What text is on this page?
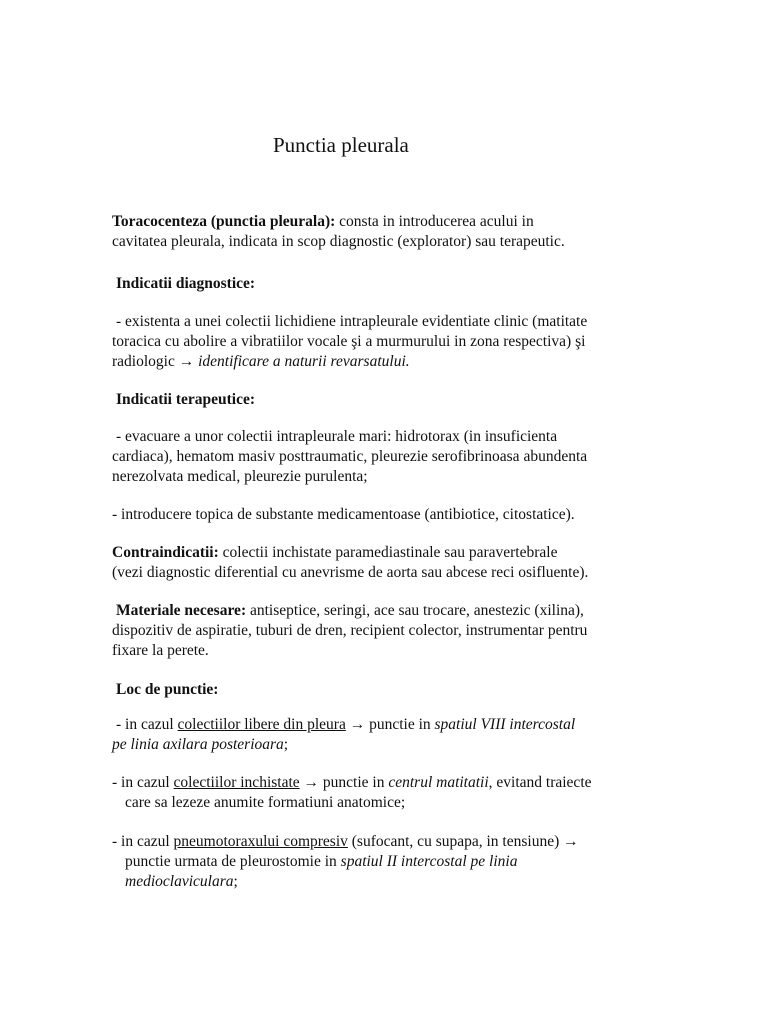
Punctia pleurala

Toracocenteza (punctia pleurala): consta in introducerea acului in
cavitatea pleurala, indicata in scop diagnostic (explorator) sau terapeutic.

Indicatii diagnostice:

- existenta a unei colectii lichidiene intrapleurale evidentiate clinic (matitate
toracica cu abolire a vibratiilor vocale şi a murmurului in zona respectiva) şi
radiologic → identificare a naturii revarsatului.

Indicatii terapeutice:

- evacuare a unor colectii intrapleurale mari: hidrotorax (in insuficienta
cardiaca), hematom masiv posttraumatic, pleurezie serofibrinoasa abundenta
nerezolvata medical, pleurezie purulenta;

- introducere topica de substante medicamentoase (antibiotice, citostatice).

Contraindicatii: colectii inchistate paramediastinale sau paravertebrale
(vezi diagnostic diferential cu anevrisme de aorta sau abcese reci osifluente).

Materiale necesare: antiseptice, seringi, ace sau trocare, anestezic (xilina),
dispozitiv de aspiratie, tuburi de dren, recipient colector, instrumentar pentru
fixare la perete.

Loc de punctie:

- in cazul colectiilor libere din pleura → punctie in spatiul VIII intercostal
pe linia axilara posterioara;

- in cazul colectiilor inchistate → punctie in centrul matitatii, evitand traiecte
care sa lezeze anumite formatiuni anatomice;

- in cazul pneumotoraxului compresiv (sufocant, cu supapa, in tensiune) →
punctie urmata de pleurostomie in spatiul II intercostal pe linia
medioclaviculara;
